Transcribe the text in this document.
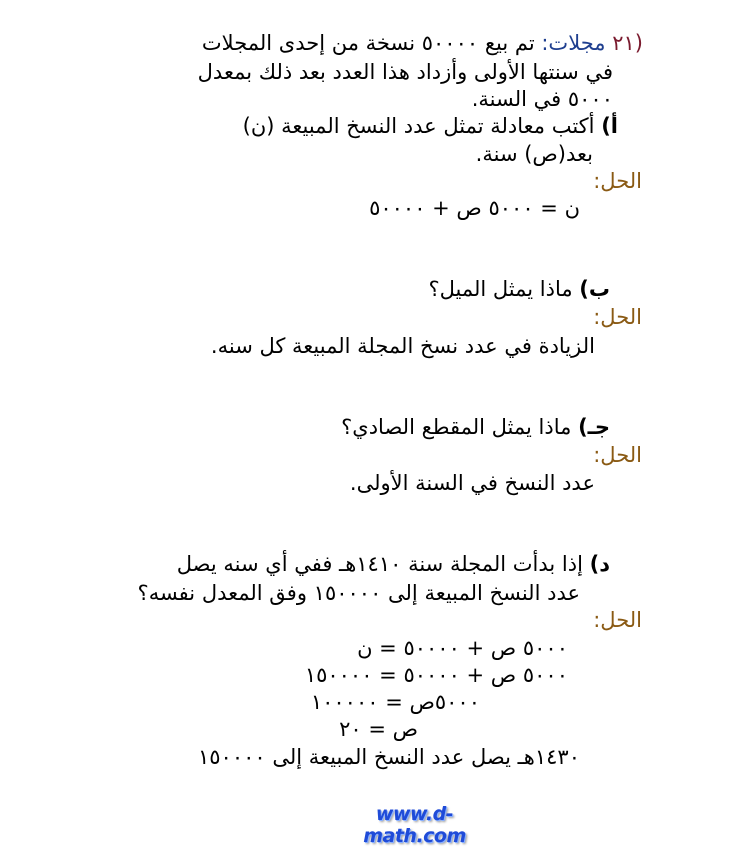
(٢١ مجلات: تم بيع ٥٠٠٠٠ نسخة من إحدى المجلات
في سنتها الأولى وأزداد هذا العدد بعد ذلك بمعدل
٥٠٠٠ في السنة.
أ) أكتب معادلة تمثل عدد النسخ المبيعة (ن)
بعد(ص) سنة.
الحل:
ن = ٥٠٠٠ ص + ٥٠٠٠٠
ب) ماذا يمثل الميل؟
الحل:
الزيادة في عدد نسخ المجلة المبيعة كل سنه.
جـ) ماذا يمثل المقطع الصادي؟
الحل:
عدد النسخ في السنة الأولى.
د) إذا بدأت المجلة سنة ١٤١٠هـ ففي أي سنه يصل
عدد النسخ المبيعة إلى ١٥٠٠٠٠ وفق المعدل نفسه؟
الحل:
٥٠٠٠ ص + ٥٠٠٠٠ = ن
٥٠٠٠ ص + ٥٠٠٠٠ = ١٥٠٠٠٠
٥٠٠٠ص = ١٠٠٠٠٠
ص = ٢٠
١٤٣٠هـ يصل عدد النسخ المبيعة إلى ١٥٠٠٠٠
www.d-math.com
